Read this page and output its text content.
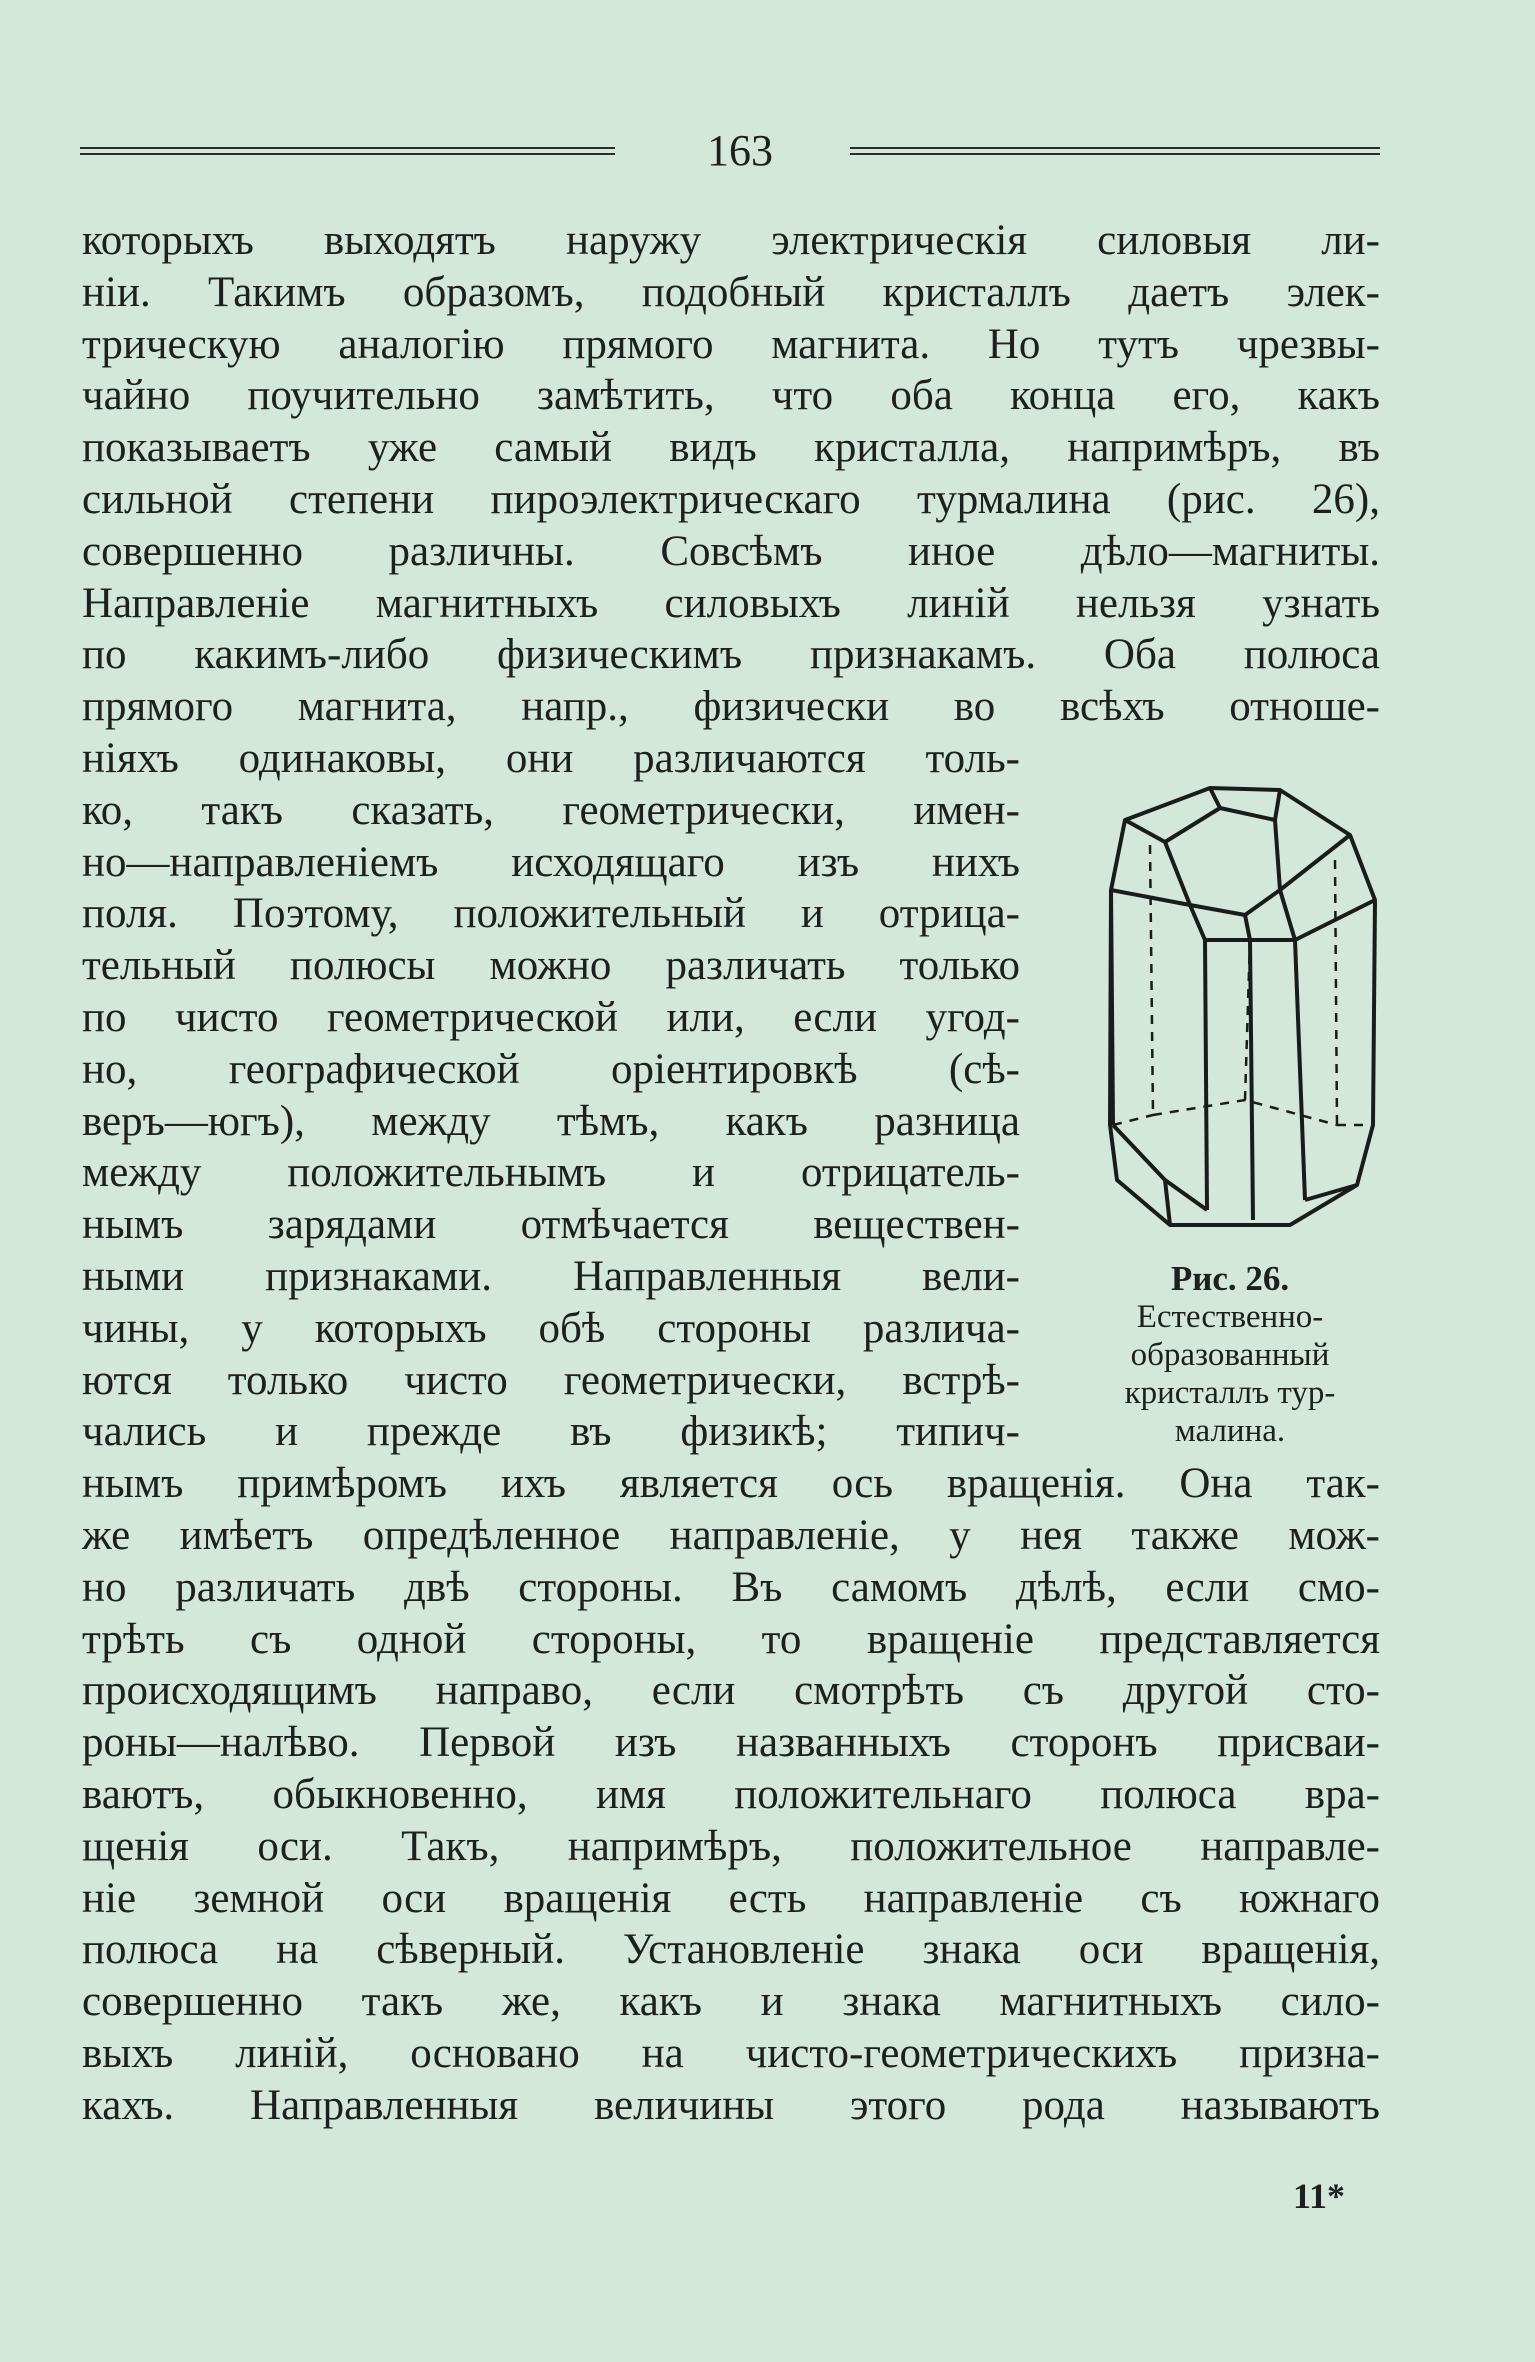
163
которыхъ выходятъ наружу электрическія силовыя ли-
ніи. Такимъ образомъ, подобный кристаллъ даетъ элек-
трическую аналогію прямого магнита. Но тутъ чрезвы-
чайно поучительно замѣтить, что оба конца его, какъ
показываетъ уже самый видъ кристалла, напримѣръ, въ
сильной степени пироэлектрическаго турмалина (рис. 26),
совершенно различны. Совсѣмъ иное дѣло—магниты.
Направленіе магнитныхъ силовыхъ линій нельзя узнать
по какимъ-либо физическимъ признакамъ. Оба полюса
прямого магнита, напр., физически во всѣхъ отноше-
ніяхъ одинаковы, они различаются толь-
ко, такъ сказать, геометрически, имен-
но—направленіемъ исходящаго изъ нихъ
поля. Поэтому, положительный и отрица-
тельный полюсы можно различать только
по чисто геометрической или, если угод-
но, географической оріентировкѣ (сѣ-
веръ—югъ), между тѣмъ, какъ разница
между положительнымъ и отрицатель-
нымъ зарядами отмѣчается веществен-
ными признаками. Направленныя вели-
чины, у которыхъ обѣ стороны различа-
ются только чисто геометрически, встрѣ-
чались и прежде въ физикѣ; типич-
нымъ примѣромъ ихъ является ось вращенія. Она так-
же имѣетъ опредѣленное направленіе, у нея также мож-
но различать двѣ стороны. Въ самомъ дѣлѣ, если смо-
трѣть съ одной стороны, то вращеніе представляется
происходящимъ направо, если смотрѣть съ другой сто-
роны—налѣво. Первой изъ названныхъ сторонъ присваи-
ваютъ, обыкновенно, имя положительнаго полюса вра-
щенія оси. Такъ, напримѣръ, положительное направле-
ніе земной оси вращенія есть направленіе съ южнаго
полюса на сѣверный. Установленіе знака оси вращенія,
совершенно такъ же, какъ и знака магнитныхъ сило-
выхъ линій, основано на чисто-геометрическихъ призна-
кахъ. Направленныя величины этого рода называютъ
Рис. 26.
Естественно-
образованный
кристаллъ тур-
малина.
11*
